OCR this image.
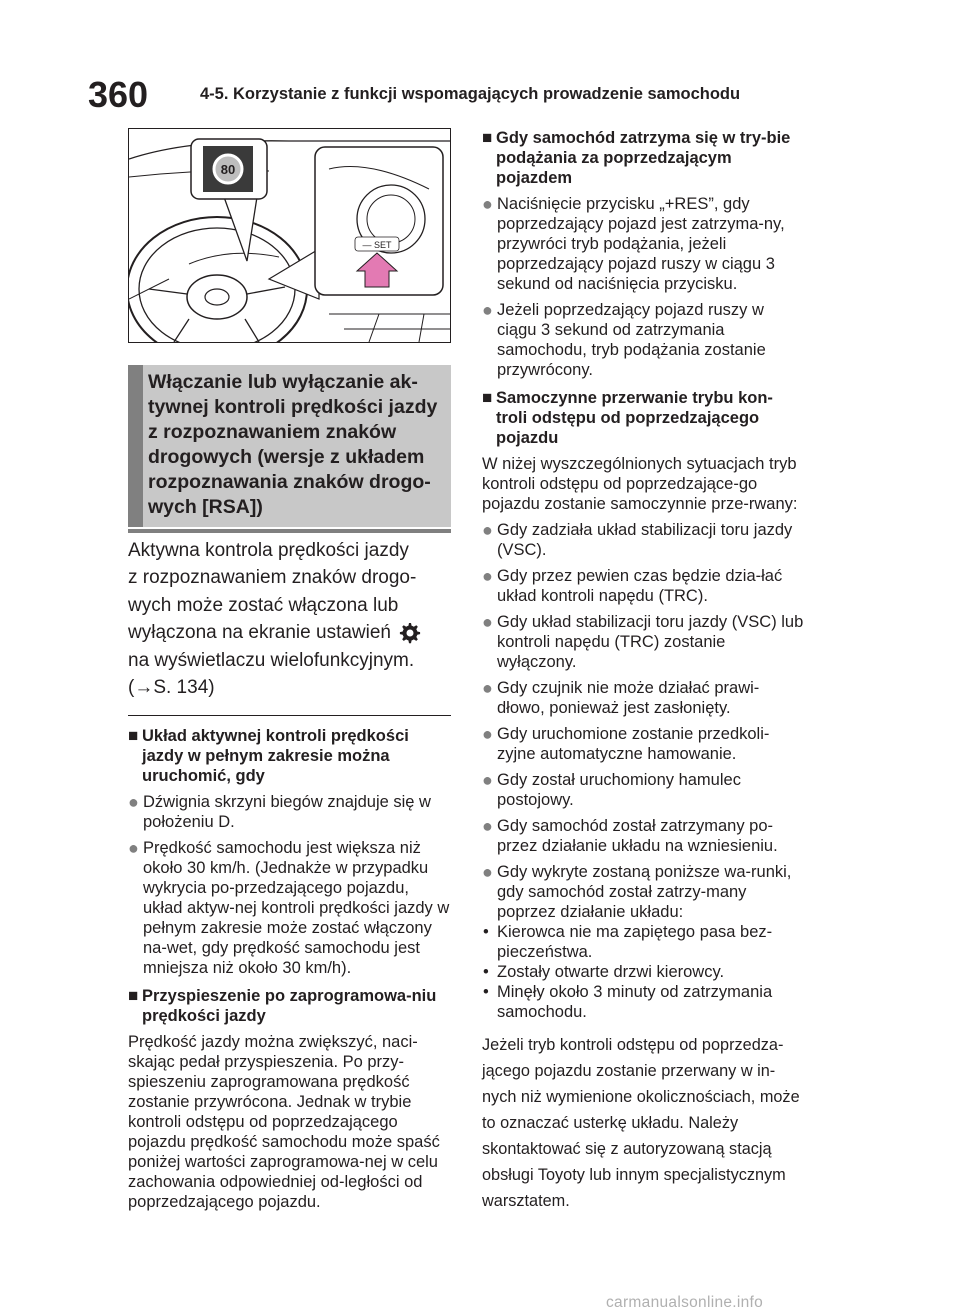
360	4-5. Korzystanie z funkcji wspomagających prowadzenie samochodu
80
— SET
Włączanie lub wyłączanie ak-tywnej kontroli prędkości jazdy z rozpoznawaniem znaków drogowych (wersje z układem rozpoznawania znaków drogo-wych [RSA])
Aktywna kontrola prędkości jazdy
z rozpoznawaniem znaków drogo-
wych może zostać włączona lub
wyłączona na ekranie ustawień
na wyświetlaczu wielofunkcyjnym.
(→S. 134)
■ Układ aktywnej kontroli prędkości jazdy w pełnym zakresie można uruchomić, gdy
● Dźwignia skrzyni biegów znajduje się w położeniu D.
● Prędkość samochodu jest większa niż około 30 km/h. (Jednakże w przypadku wykrycia po-przedzającego pojazdu, układ aktyw-nej kontroli prędkości jazdy w pełnym zakresie może zostać włączony na-wet, gdy prędkość samochodu jest mniejsza niż około 30 km/h).
■ Przyspieszenie po zaprogramowa-niu prędkości jazdy
Prędkość jazdy można zwiększyć, naci-skając pedał przyspieszenia. Po przy-spieszeniu zaprogramowana prędkość zostanie przywrócona. Jednak w trybie kontroli odstępu od poprzedzającego pojazdu prędkość samochodu może spaść poniżej wartości zaprogramowa-nej w celu zachowania odpowiedniej od-ległości od poprzedzającego pojazdu.
■ Gdy samochód zatrzyma się w try-bie podążania za poprzedzającym pojazdem
● Naciśnięcie przycisku „+RES”, gdy poprzedzający pojazd jest zatrzyma-ny, przywróci tryb podążania, jeżeli poprzedzający pojazd ruszy w ciągu 3 sekund od naciśnięcia przycisku.
● Jeżeli poprzedzający pojazd ruszy w ciągu 3 sekund od zatrzymania samochodu, tryb podążania zostanie przywrócony.
■ Samoczynne przerwanie trybu kon-troli odstępu od poprzedzającego pojazdu
W niżej wyszczególnionych sytuacjach tryb kontroli odstępu od poprzedzające-go pojazdu zostanie samoczynnie prze-rwany:
● Gdy zadziała układ stabilizacji toru jazdy (VSC).
● Gdy przez pewien czas będzie dzia-łać układ kontroli napędu (TRC).
● Gdy układ stabilizacji toru jazdy (VSC) lub kontroli napędu (TRC) zostanie wyłączony.
● Gdy czujnik nie może działać prawi-dłowo, ponieważ jest zasłonięty.
● Gdy uruchomione zostanie przedkoli-zyjne automatyczne hamowanie.
● Gdy został uruchomiony hamulec postojowy.
● Gdy samochód został zatrzymany po-przez działanie układu na wzniesieniu.
● Gdy wykryte zostaną poniższe wa-runki, gdy samochód został zatrzy-many poprzez działanie układu:
• Kierowca nie ma zapiętego pasa bez-pieczeństwa.
• Zostały otwarte drzwi kierowcy.
• Minęły około 3 minuty od zatrzymania samochodu.
Jeżeli tryb kontroli odstępu od poprzedza-jącego pojazdu zostanie przerwany w in-nych niż wymienione okolicznościach, może to oznaczać usterkę układu. Należy skontaktować się z autoryzowaną stacją obsługi Toyoty lub innym specjalistycznym warsztatem.
carmanualsonline.info
